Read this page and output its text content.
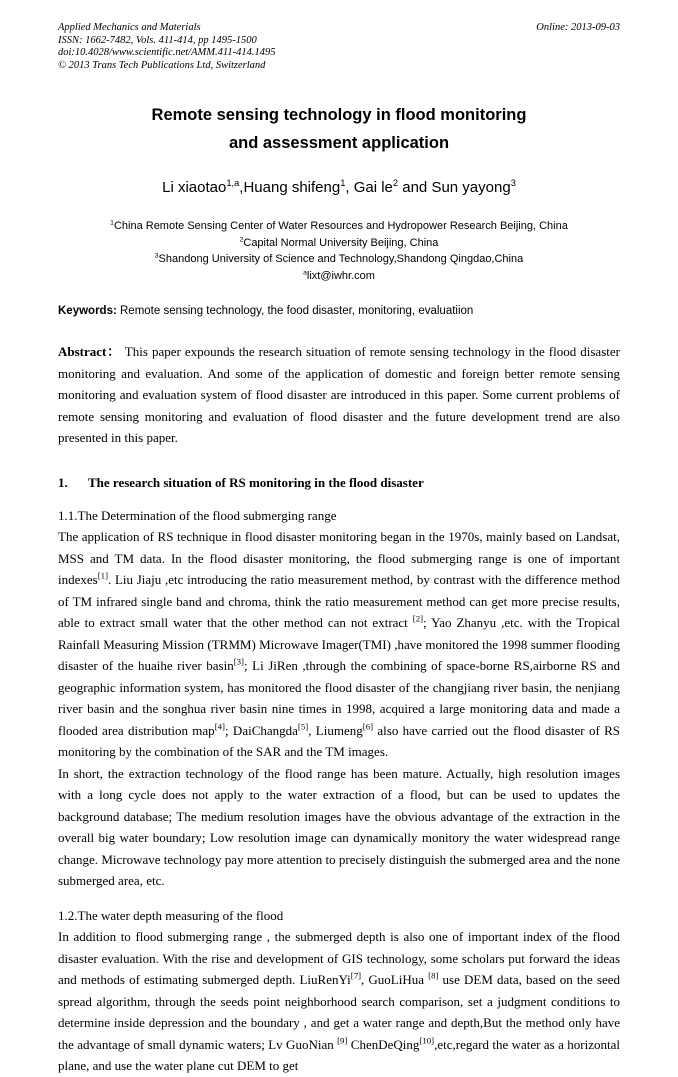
Online: 2013-09-03
Applied Mechanics and Materials
ISSN: 1662-7482, Vols. 411-414, pp 1495-1500
doi:10.4028/www.scientific.net/AMM.411-414.1495
© 2013 Trans Tech Publications Ltd, Switzerland
Remote sensing technology in flood monitoring
and assessment application
Li xiaotao$^{1,a}$,Huang shifeng$^1$, Gai $le^2$ and Sun yayong$^3$
$^1$China Remote Sensing Center of Water Resources and Hydropower Research Beijing, China
$^2$Capital Normal University Beijing, China
$^3$Shandong University of Science and Technology,Shandong Qingdao,China
$^a$lixt@iwhr.com
Keywords: Remote sensing technology, the food disaster, monitoring, evaluatiion
Abstract： This paper expounds the research situation of remote sensing technology in the flood disaster monitoring and evaluation. And some of the application of domestic and foreign better remote sensing monitoring and evaluation system of flood disaster are introduced in this paper. Some current problems of remote sensing monitoring and evaluation of flood disaster and the future development trend are also presented in this paper.
1. The research situation of RS monitoring in the flood disaster
1.1.The Determination of the flood submerging range

The application of RS technique in flood disaster monitoring began in the 1970s, mainly based on Landsat, MSS and TM data. In the flood disaster monitoring, the flood submerging range is one of important indexes[1]. Liu Jiaju ,etc introducing the ratio measurement method, by contrast with the difference method of TM infrared single band and chroma, think the ratio measurement method can get more precise results, able to extract small water that the other method can not extract [2]; Yao Zhanyu ,etc. with the Tropical Rainfall Measuring Mission (TRMM) Microwave Imager(TMI) ,have monitored the 1998 summer flooding disaster of the huaihe river basin[3]; Li JiRen ,through the combining of space-borne RS,airborne RS and geographic information system, has monitored the flood disaster of the changjiang river basin, the nenjiang river basin and the songhua river basin nine times in 1998, acquired a large monitoring data and made a flooded area distribution map[4]; DaiChangda[5], Liumeng[6] also have carried out the flood disaster of RS monitoring by the combination of the SAR and the TM images.

In short, the extraction technology of the flood range has been mature. Actually, high resolution images with a long cycle does not apply to the water extraction of a flood, but can be used to updates the background database; The medium resolution images have the obvious advantage of the extraction in the overall big water boundary; Low resolution image can dynamically monitory the water widespread range change. Microwave technology pay more attention to precisely distinguish the submerged area and the none submerged area, etc.

1.2.The water depth measuring of the flood

In addition to flood submerging range , the submerged depth is also one of important index of the flood disaster evaluation. With the rise and development of GIS technology, some scholars put forward the ideas and methods of estimating submerged depth. LiuRenYi[7], GuoLiHua [8] use DEM data, based on the seed spread algorithm, through the seeds point neighborhood search comparison, set a judgment conditions to determine inside depression and the boundary , and get a water range and depth,But the method only have the advantage of small dynamic waters; Lv GuoNian [9] ChenDeQing[10],etc,regard the water as a horizontal plane, and use the water plane cut DEM to get
